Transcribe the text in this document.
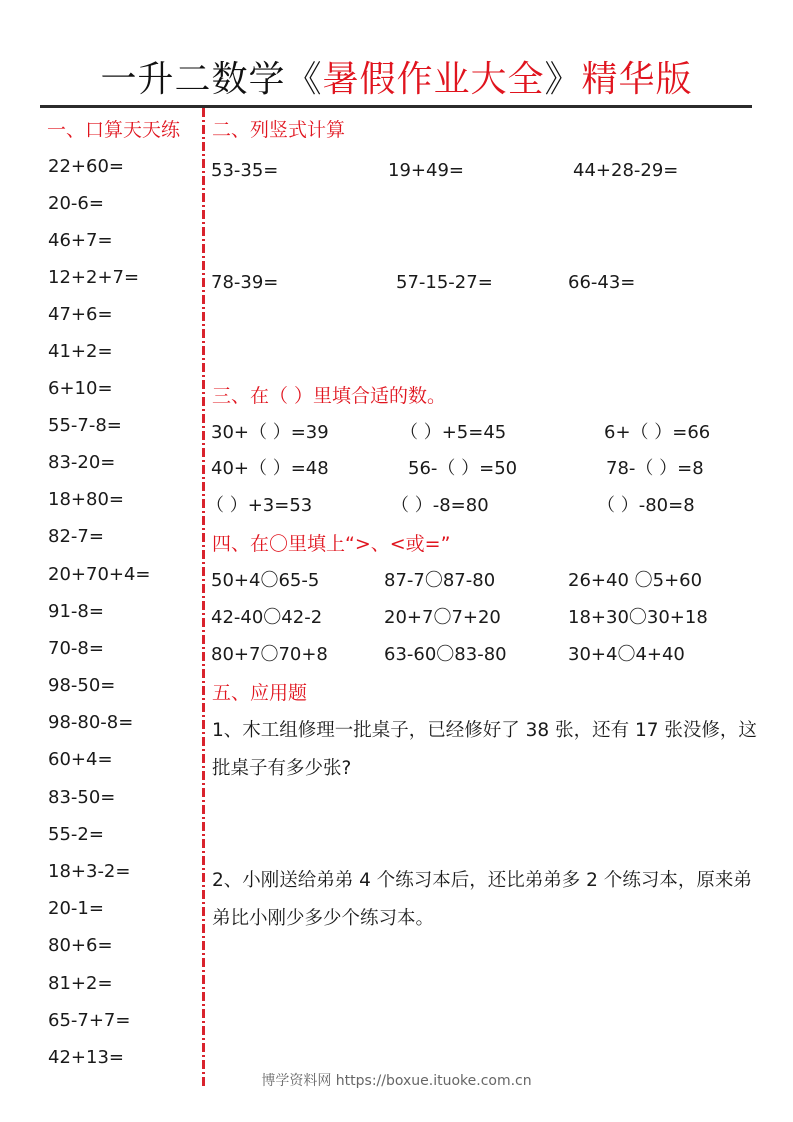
一升二数学《暑假作业大全》精华版
一、口算天天练
22+60=
20-6=
46+7=
12+2+7=
47+6=
41+2=
6+10=
55-7-8=
83-20=
18+80=
82-7=
20+70+4=
91-8=
70-8=
98-50=
98-80-8=
60+4=
83-50=
55-2=
18+3-2=
20-1=
80+6=
81+2=
65-7+7=
42+13=
二、列竖式计算
53-35=	19+49=	44+28-29=
78-39=	57-15-27=	66-43=
三、在（ ）里填合适的数。
30+（ ）=39	（ ）+5=45	6+（ ）=66
40+（ ）=48	56-（ ）=50	78-（ ）=8
（ ）+3=53	（ ）-8=80	（ ）-80=8
四、在〇里填上“>、<或=”
50+4〇65-5	87-7〇87-80	26+40 〇5+60
42-40〇42-2	20+7〇7+20	18+30〇30+18
80+7〇70+8	63-60〇83-80	30+4〇4+40
五、应用题
1、木工组修理一批桌子，已经修好了 38 张，还有 17 张没修，这批桌子有多少张?
2、小刚送给弟弟 4 个练习本后，还比弟弟多 2 个练习本，原来弟弟比小刚少多少个练习本。
博学资料网 https://boxue.ituoke.com.cn
